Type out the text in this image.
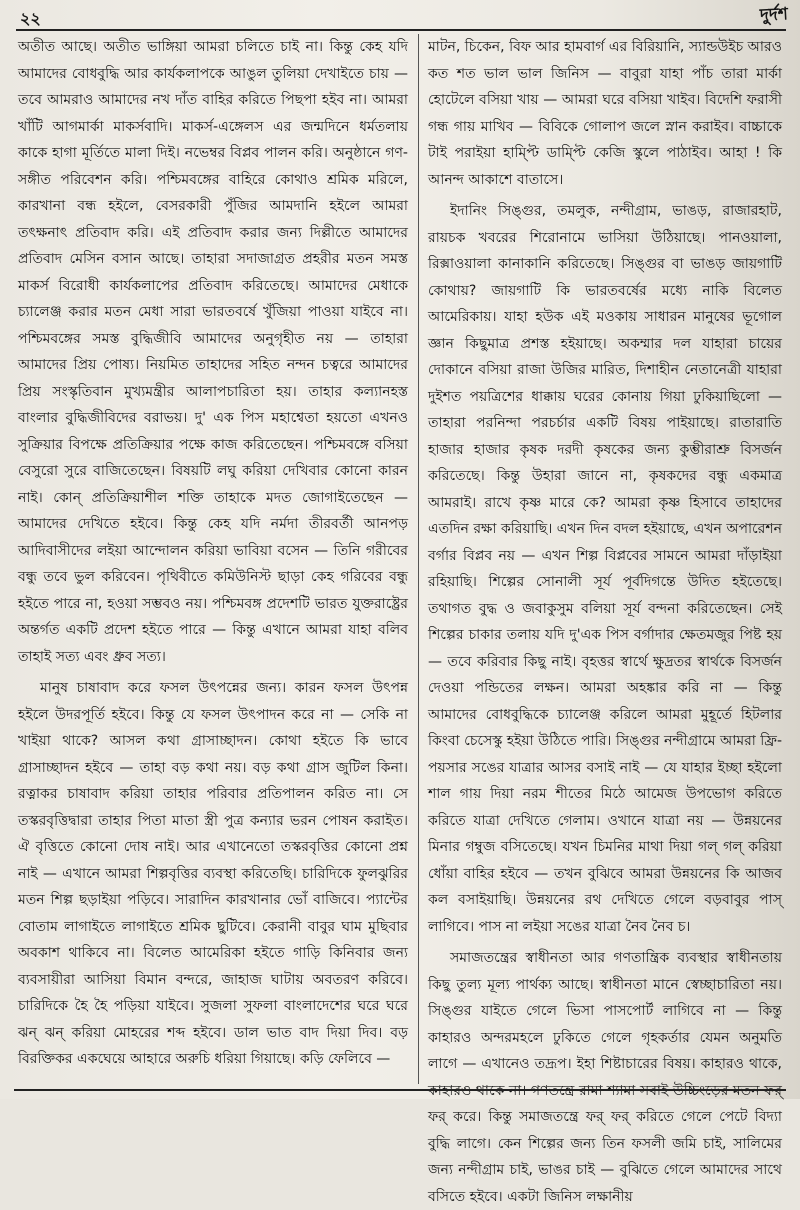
২২	দুর্দশ

অতীত আছে। অতীত ভাঙ্গিয়া আমরা চলিতে চাই না। কিন্তু কেহ যদি আমাদের বোধবুদ্ধি আর কার্যকলাপকে আঙুল তুলিয়া দেখাইতে চায় — তবে আমরাও আমাদের নখ দাঁত বাহির করিতে পিছপা হইব না। আমরা খাঁটি আগমার্কা মাকর্সবাদি। মাকর্স-এঙ্গেলস এর জন্মদিনে ধর্মতলায় কাকে হাগা মূর্তিতে মালা দিই। নভেম্বর বিপ্লব পালন করি। অনুষ্ঠানে গণ-সঙ্গীত পরিবেশন করি। পশ্চিমবঙ্গের বাহিরে কোথাও শ্রমিক মরিলে, কারখানা বন্ধ হইলে, বেসরকারী পুঁজির আমদানি হইলে আমরা তৎক্ষনাৎ প্রতিবাদ করি। এই প্রতিবাদ করার জন্য দিল্লীতে আমাদের প্রতিবাদ মেসিন বসান আছে। তাহারা সদাজাগ্রত প্রহরীর মতন সমস্ত মাকর্স বিরোধী কার্যকলাপের প্রতিবাদ করিতেছে। আমাদের মেধাকে চ্যালেঞ্জ করার মতন মেধা সারা ভারতবর্ষে খুঁজিয়া পাওয়া যাইবে না। পশ্চিমবঙ্গের সমস্ত বুদ্ধিজীবি আমাদের অনুগৃহীত নয় — তাহারা আমাদের প্রিয় পোষ্য। নিয়মিত তাহাদের সহিত নন্দন চত্বরে আমাদের প্রিয় সংস্কৃতিবান মুখ্যমন্ত্রীর আলাপচারিতা হয়। তাহার কল্যানহস্ত বাংলার বুদ্ধিজীবিদের বরাভয়। দু' এক পিস মহাশ্বেতা হয়তো এখনও সুক্রিয়ার বিপক্ষে প্রতিক্রিয়ার পক্ষে কাজ করিতেছেন। পশ্চিমবঙ্গে বসিয়া বেসুরো সুরে বাজিতেছেন। বিষয়টি লঘু করিয়া দেখিবার কোনো কারন নাই। কোন্ প্রতিক্রিয়াশীল শক্তি তাহাকে মদত জোগাইতেছেন — আমাদের দেখিতে হইবে। কিন্তু কেহ যদি নর্মদা তীরবর্তী আনপড় আদিবাসীদের লইয়া আন্দোলন করিয়া ভাবিয়া বসেন — তিনি গরীবের বন্ধু তবে ভুল করিবেন। পৃথিবীতে কমিউনিস্ট ছাড়া কেহ গরিবের বন্ধু হইতে পারে না, হওয়া সম্ভবও নয়। পশ্চিমবঙ্গ প্রদেশটি ভারত যুক্তরাষ্ট্রের অন্তর্গত একটি প্রদেশ হইতে পারে — কিন্তু এখানে আমরা যাহা বলিব তাহাই সত্য এবং ধ্রুব সত্য।

মানুষ চাষাবাদ করে ফসল উৎপন্নের জন্য। কারন ফসল উৎপন্ন হইলে উদরপূর্তি হইবে। কিন্তু যে ফসল উৎপাদন করে না — সেকি না খাইয়া থাকে? আসল কথা গ্রাসাচ্ছাদন। কোথা হইতে কি ভাবে গ্রাসাচ্ছাদন হইবে — তাহা বড় কথা নয়। বড় কথা গ্রাস জুটিল কিনা। রত্নাকর চাষাবাদ করিয়া তাহার পরিবার প্রতিপালন করিত না। সে তস্করবৃত্তিদ্বারা তাহার পিতা মাতা স্ত্রী পুত্র কন্যার ভরন পোষন করাইত। ঐ বৃত্তিতে কোনো দোষ নাই। আর এখানেতো তস্করবৃত্তির কোনো প্রশ্ন নাই — এখানে আমরা শিল্পবৃত্তির ব্যবস্থা করিতেছি। চারিদিকে ফুলঝুরির মতন শিল্প ছড়াইয়া পড়িবে। সারাদিন কারখানার ভোঁ বাজিবে। প্যান্টের বোতাম লাগাইতে লাগাইতে শ্রমিক ছুটিবে। কেরানী বাবুর ঘাম মুছিবার অবকাশ থাকিবে না। বিলেত আমেরিকা হইতে গাড়ি কিনিবার জন্য ব্যবসায়ীরা আসিয়া বিমান বন্দরে, জাহাজ ঘাটায় অবতরণ করিবে। চারিদিকে হৈ হৈ পড়িয়া যাইবে। সুজলা সুফলা বাংলাদেশের ঘরে ঘরে ঝন্ ঝন্ করিয়া মোহরের শব্দ হইবে। ডাল ভাত বাদ দিয়া দিব। বড় বিরক্তিকর একঘেয়ে আহারে অরুচি ধরিয়া গিয়াছে। কড়ি ফেলিবে —

মাটন, চিকেন, বিফ আর হামবার্গ এর বিরিয়ানি, স্যান্ডউইচ আরও কত শত ভাল ভাল জিনিস — বাবুরা যাহা পাঁচ তারা মার্কা হোটেলে বসিয়া খায় — আমরা ঘরে বসিয়া খাইব। বিদেশি ফরাসী গন্ধ গায় মাখিব — বিবিকে গোলাপ জলে স্নান করাইব। বাচ্চাকে টাই পরাইয়া হাম্প্টি ডাম্প্টি কেজি স্কুলে পাঠাইব। আহা ! কি আনন্দ আকাশে বাতাসে।

ইদানিং সিঙ্গুর, তমলুক, নন্দীগ্রাম, ভাঙড়, রাজারহাট, রায়চক খবরের শিরোনামে ভাসিয়া উঠিয়াছে। পানওয়ালা, রিক্সাওয়ালা কানাকানি করিতেছে। সিঙ্গুর বা ভাঙড় জায়গাটি কোথায়? জায়গাটি কি ভারতবর্ষের মধ্যে নাকি বিলেত আমেরিকায়। যাহা হউক এই মওকায় সাধারন মানুষের ভূগোল জ্ঞান কিছুমাত্র প্রশস্ত হইয়াছে। অকম্মার দল যাহারা চায়ের দোকানে বসিয়া রাজা উজির মারিত, দিশাহীন নেতানেত্রী যাহারা দুইশত পয়ত্রিশের ধাক্কায় ঘরের কোনায় গিয়া ঢুকিয়াছিলো — তাহারা পরনিন্দা পরচর্চার একটি বিষয় পাইয়াছে। রাতারাতি হাজার হাজার কৃষক দরদী কৃষকের জন্য কুম্ভীরাশ্রু বিসর্জন করিতেছে। কিন্তু উহারা জানে না, কৃষকদের বন্ধু একমাত্র আমরাই। রাখে কৃষ্ণ মারে কে? আমরা কৃষ্ণ হিসাবে তাহাদের এতদিন রক্ষা করিয়াছি। এখন দিন বদল হইয়াছে, এখন অপারেশন বর্গার বিপ্লব নয় — এখন শিল্প বিপ্লবের সামনে আমরা দাঁড়াইয়া রহিয়াছি। শিল্পের সোনালী সূর্য পূর্বদিগন্তে উদিত হইতেছে। তথাগত বুদ্ধ ও জবাকুসুম বলিয়া সূর্য বন্দনা করিতেছেন। সেই শিল্পের চাকার তলায় যদি দু'এক পিস বর্গাদার ক্ষেতমজুর পিষ্ট হয় — তবে করিবার কিছু নাই। বৃহত্তর স্বার্থে ক্ষুদ্রতর স্বার্থকে বিসর্জন দেওয়া পন্ডিতের লক্ষন। আমরা অহঙ্কার করি না — কিন্তু আমাদের বোধবুদ্ধিকে চ্যালেঞ্জ করিলে আমরা মুহূর্তে হিটলার কিংবা চেসেস্কু হইয়া উঠিতে পারি। সিঙ্গুর নন্দীগ্রামে আমরা ফ্রি-পয়সার সঙের যাত্রার আসর বসাই নাই — যে যাহার ইচ্ছা হইলো শাল গায় দিয়া নরম শীতের মিঠে আমেজ উপভোগ করিতে করিতে যাত্রা দেখিতে গেলাম। ওখানে যাত্রা নয় — উন্নয়নের মিনার গম্বুজ বসিতেছে। যখন চিমনির মাথা দিয়া গল্ গল্ করিয়া ধোঁয়া বাহির হইবে — তখন বুঝিবে আমরা উন্নয়নের কি আজব কল বসাইয়াছি। উন্নয়নের রথ দেখিতে গেলে বড়বাবুর পাস্ লাগিবে। পাস না লইয়া সঙের যাত্রা নৈব নৈব চ।

সমাজতন্ত্রের স্বাধীনতা আর গণতান্ত্রিক ব্যবস্থার স্বাধীনতায় কিছু তুল্য মূল্য পার্থক্য আছে। স্বাধীনতা মানে স্বেচ্ছাচারিতা নয়। সিঙ্গুর যাইতে গেলে ভিসা পাসপোর্ট লাগিবে না — কিন্তু কাহারও অন্দরমহলে ঢুকিতে গেলে গৃহকর্তার যেমন অনুমতি লাগে — এখানেও তদ্রূপ। ইহা শিষ্টাচারের বিষয়। কাহারও থাকে, কাহারও থাকে না। গণতন্ত্রে রামা শ্যামা সবাই উচ্চিংড়ের মতন ফর্ ফর্ করে। কিন্তু সমাজতন্ত্রে ফর্ ফর্ করিতে গেলে পেটে বিদ্যা বুদ্ধি লাগে। কেন শিল্পের জন্য তিন ফসলী জমি চাই, সালিমের জন্য নন্দীগ্রাম চাই, ভাঙর চাই — বুঝিতে গেলে আমাদের সাথে বসিতে হইবে। একটা জিনিস লক্ষানীয়
